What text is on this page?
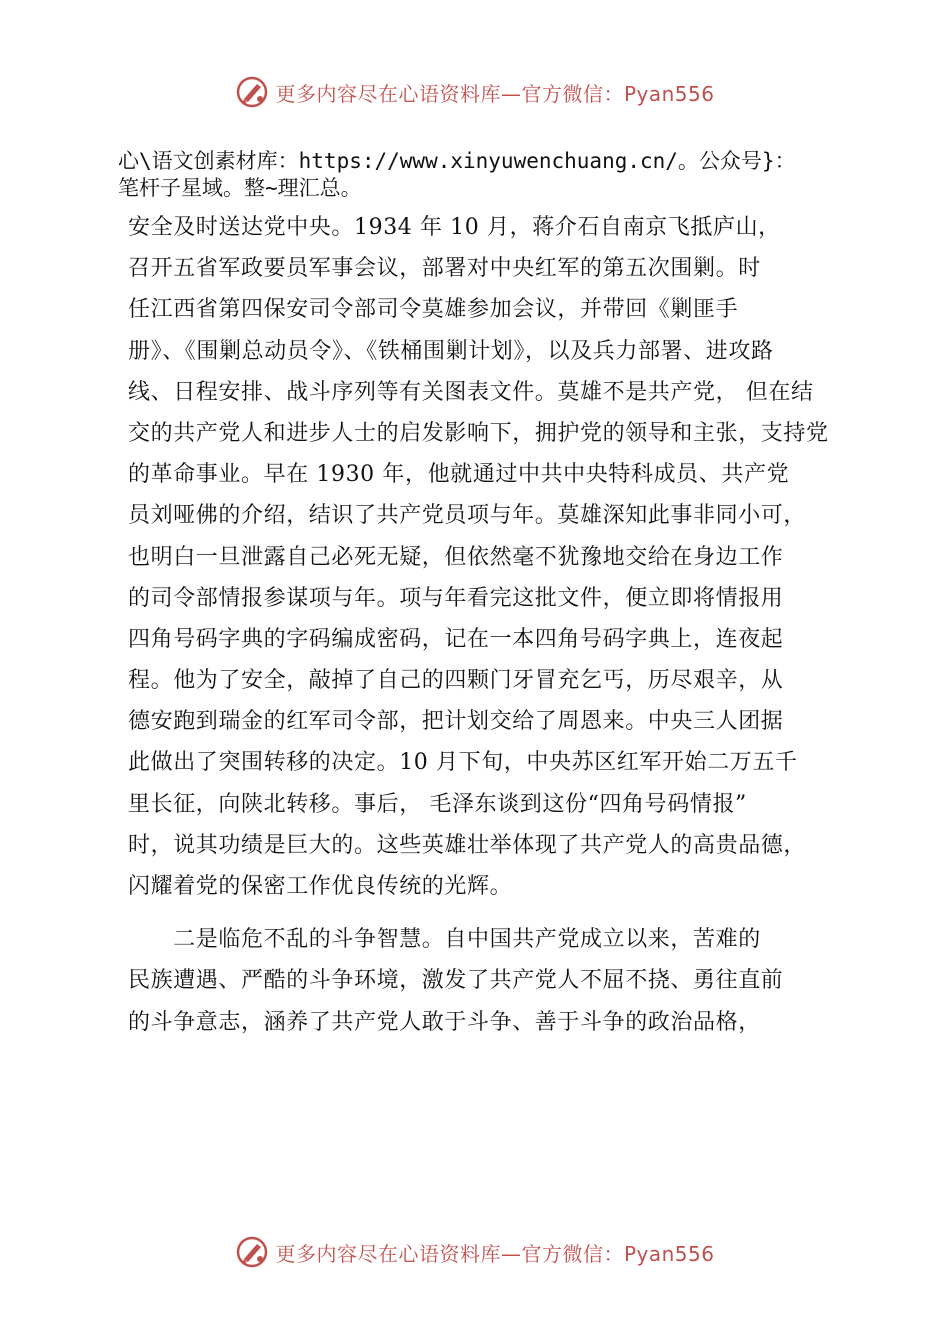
更多内容尽在心语资料库—官方微信：Pyan556
心\语文创素材库：https://www.xinyuwenchuang.cn/。公众号}：
笔杆子星域。整~理汇总。
安全及时送达党中央。1934 年 10 月，蒋介石自南京飞抵庐山，
召开五省军政要员军事会议，部署对中央红军的第五次围剿。时
任江西省第四保安司令部司令莫雄参加会议，并带回《剿匪手
册》、《围剿总动员令》、《铁桶围剿计划》，以及兵力部署、进攻路
线、日程安排、战斗序列等有关图表文件。莫雄不是共产党， 但在结
交的共产党人和进步人士的启发影响下，拥护党的领导和主张，支持党
的革命事业。早在 1930 年，他就通过中共中央特科成员、共产党
员刘哑佛的介绍，结识了共产党员项与年。莫雄深知此事非同小可，
也明白一旦泄露自己必死无疑，但依然毫不犹豫地交给在身边工作
的司令部情报参谋项与年。项与年看完这批文件，便立即将情报用
四角号码字典的字码编成密码，记在一本四角号码字典上，连夜起
程。他为了安全，敲掉了自己的四颗门牙冒充乞丐，历尽艰辛，从
德安跑到瑞金的红军司令部，把计划交给了周恩来。中央三人团据
此做出了突围转移的决定。10 月下旬，中央苏区红军开始二万五千
里长征，向陕北转移。事后， 毛泽东谈到这份“四角号码情报”
时，说其功绩是巨大的。这些英雄壮举体现了共产党人的高贵品德，
闪耀着党的保密工作优良传统的光辉。
　　二是临危不乱的斗争智慧。自中国共产党成立以来，苦难的
民族遭遇、严酷的斗争环境，激发了共产党人不屈不挠、勇往直前
的斗争意志，涵养了共产党人敢于斗争、善于斗争的政治品格，
更多内容尽在心语资料库—官方微信：Pyan556
